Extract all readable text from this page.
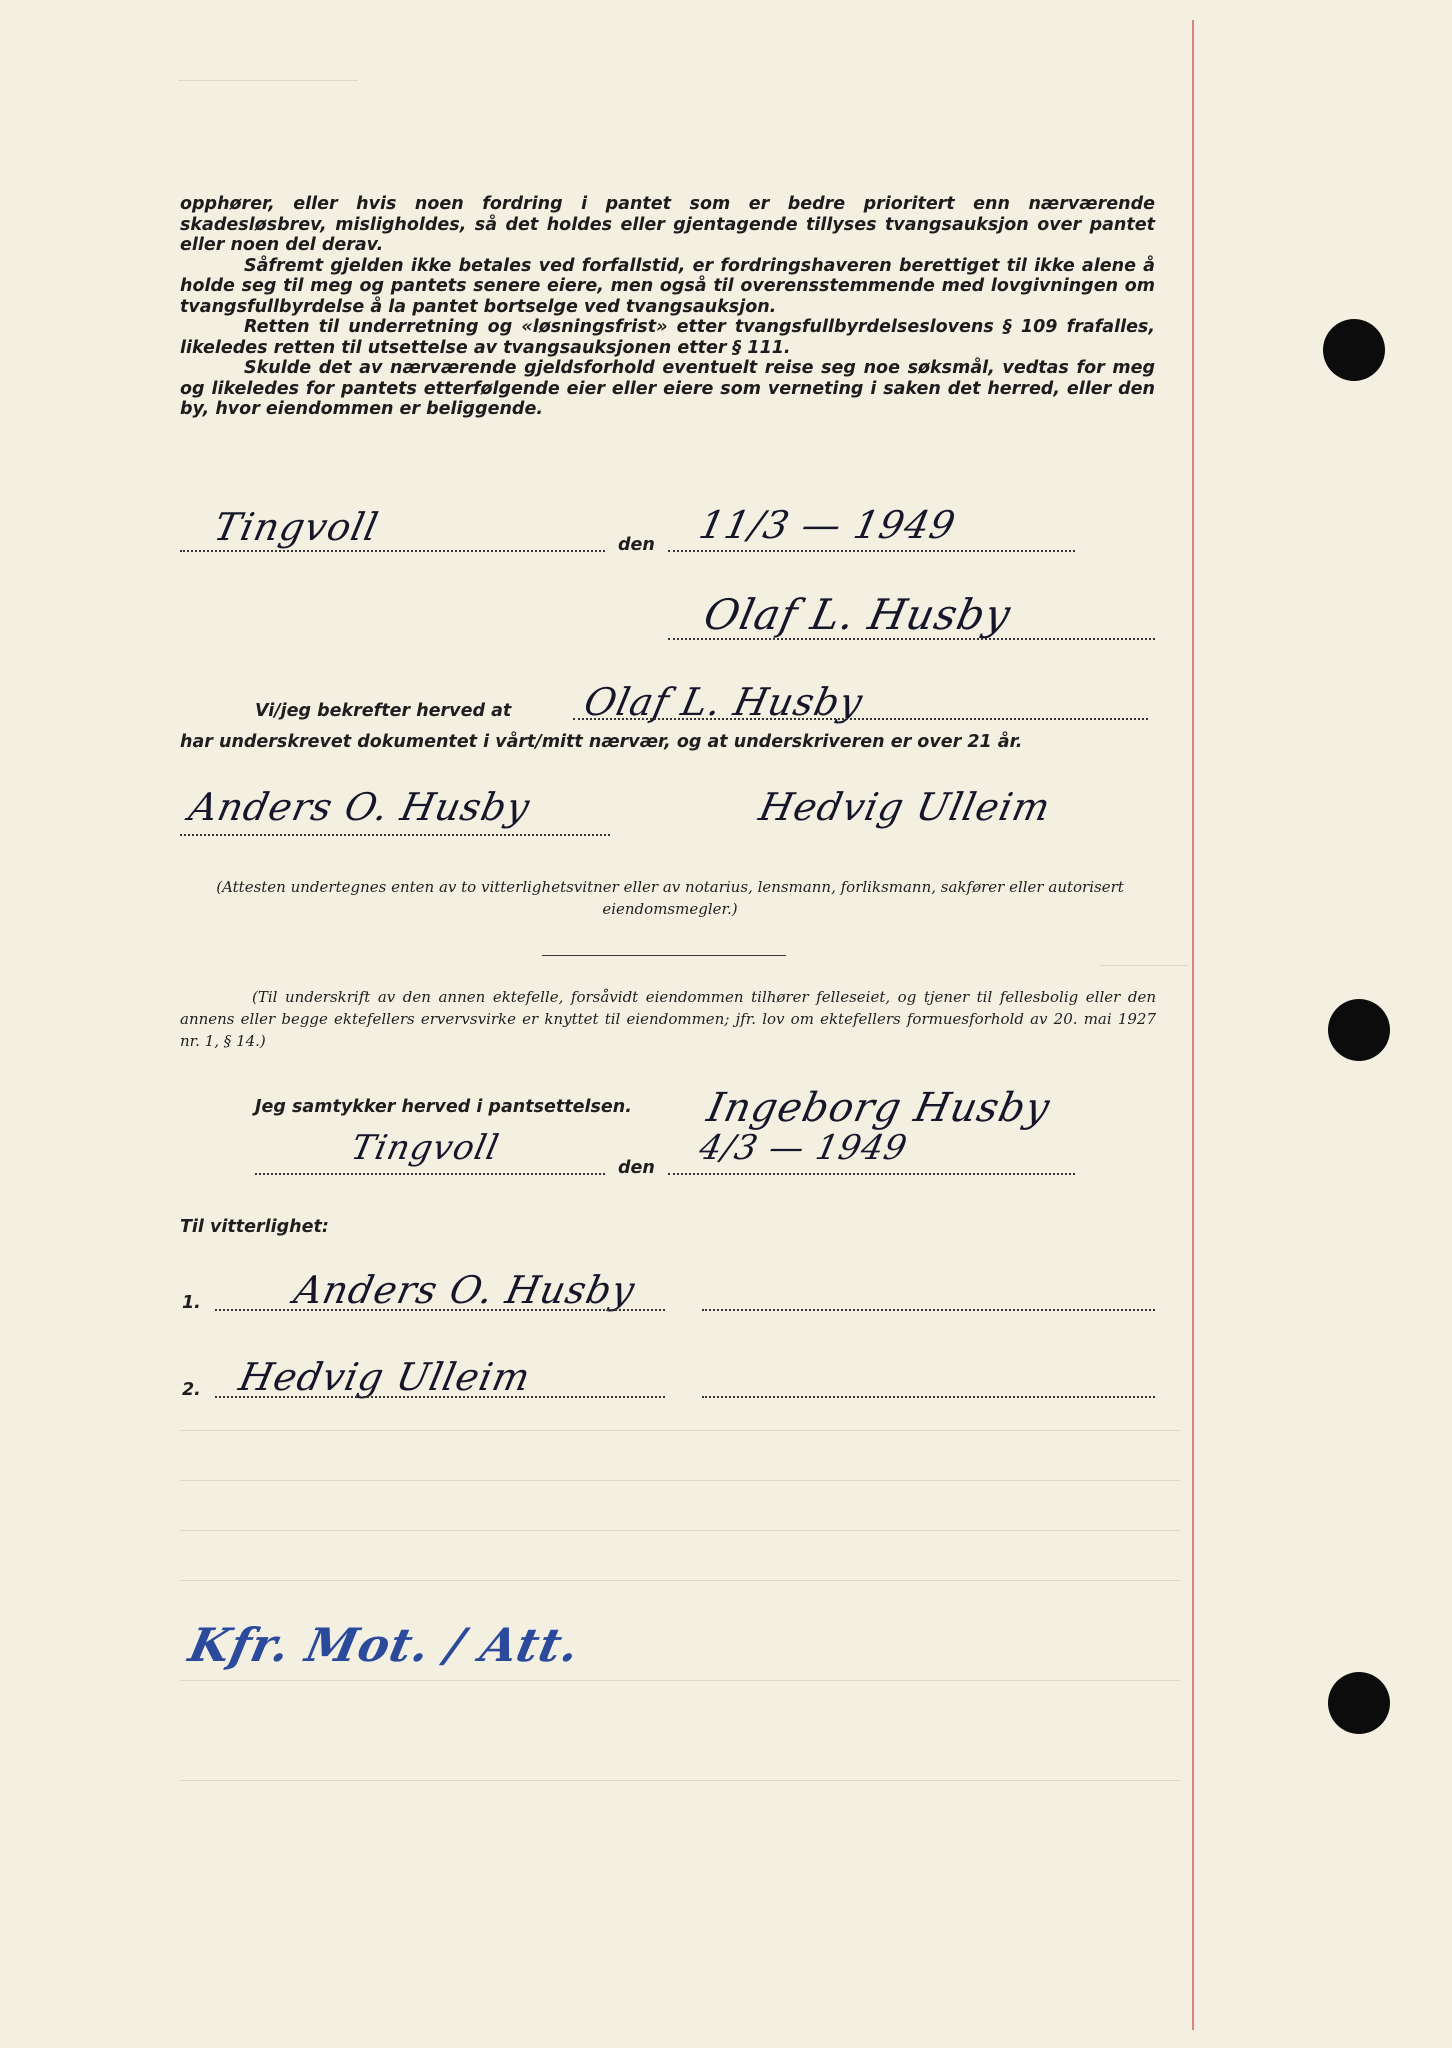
opphører, eller hvis noen fordring i pantet som er bedre prioritert enn nærværende skadesløsbrev, misligholdes, så det holdes eller gjentagende tillyses tvangsauksjon over pantet eller noen del derav.

Såfremt gjelden ikke betales ved forfallstid, er fordringshaveren berettiget til ikke alene å holde seg til meg og pantets senere eiere, men også til overensstemmende med lovgivningen om tvangsfullbyrdelse å la pantet bortselge ved tvangsauksjon.

Retten til underretning og «løsningsfrist» etter tvangsfullbyrdelseslovens § 109 frafalles, likeledes retten til utsettelse av tvangsauksjonen etter § 111.

Skulde det av nærværende gjeldsforhold eventuelt reise seg noe søksmål, vedtas for meg og likeledes for pantets etterfølgende eier eller eiere som verneting i saken det herred, eller den by, hvor eiendommen er beliggende.

Tingvoll	den 11/3 — 1949
Olaf L. Husby
Vi/jeg bekrefter herved at Olaf L. Husby
har underskrevet dokumentet i vårt/mitt nærvær, og at underskriveren er over 21 år.
Anders O. Husby	Hedvig Ulleim
(Attesten undertegnes enten av to vitterlighetsvitner eller av notarius, lensmann, forliksmann, sakfører eller autorisert eiendomsmegler.)
(Til underskrift av den annen ektefelle, forsåvidt eiendommen tilhører felleseiet, og tjener til fellesbolig eller den annens eller begge ektefellers ervervsvirke er knyttet til eiendommen; jfr. lov om ektefellers formuesforhold av 20. mai 1927 nr. 1, § 14.)
Jeg samtykker herved i pantsettelsen. Ingeborg Husby
Tingvoll	den 4/3 — 1949
Til vitterlighet:
1. Anders O. Husby
2. Hedvig Ulleim
Kfr. Mot. / Att.
